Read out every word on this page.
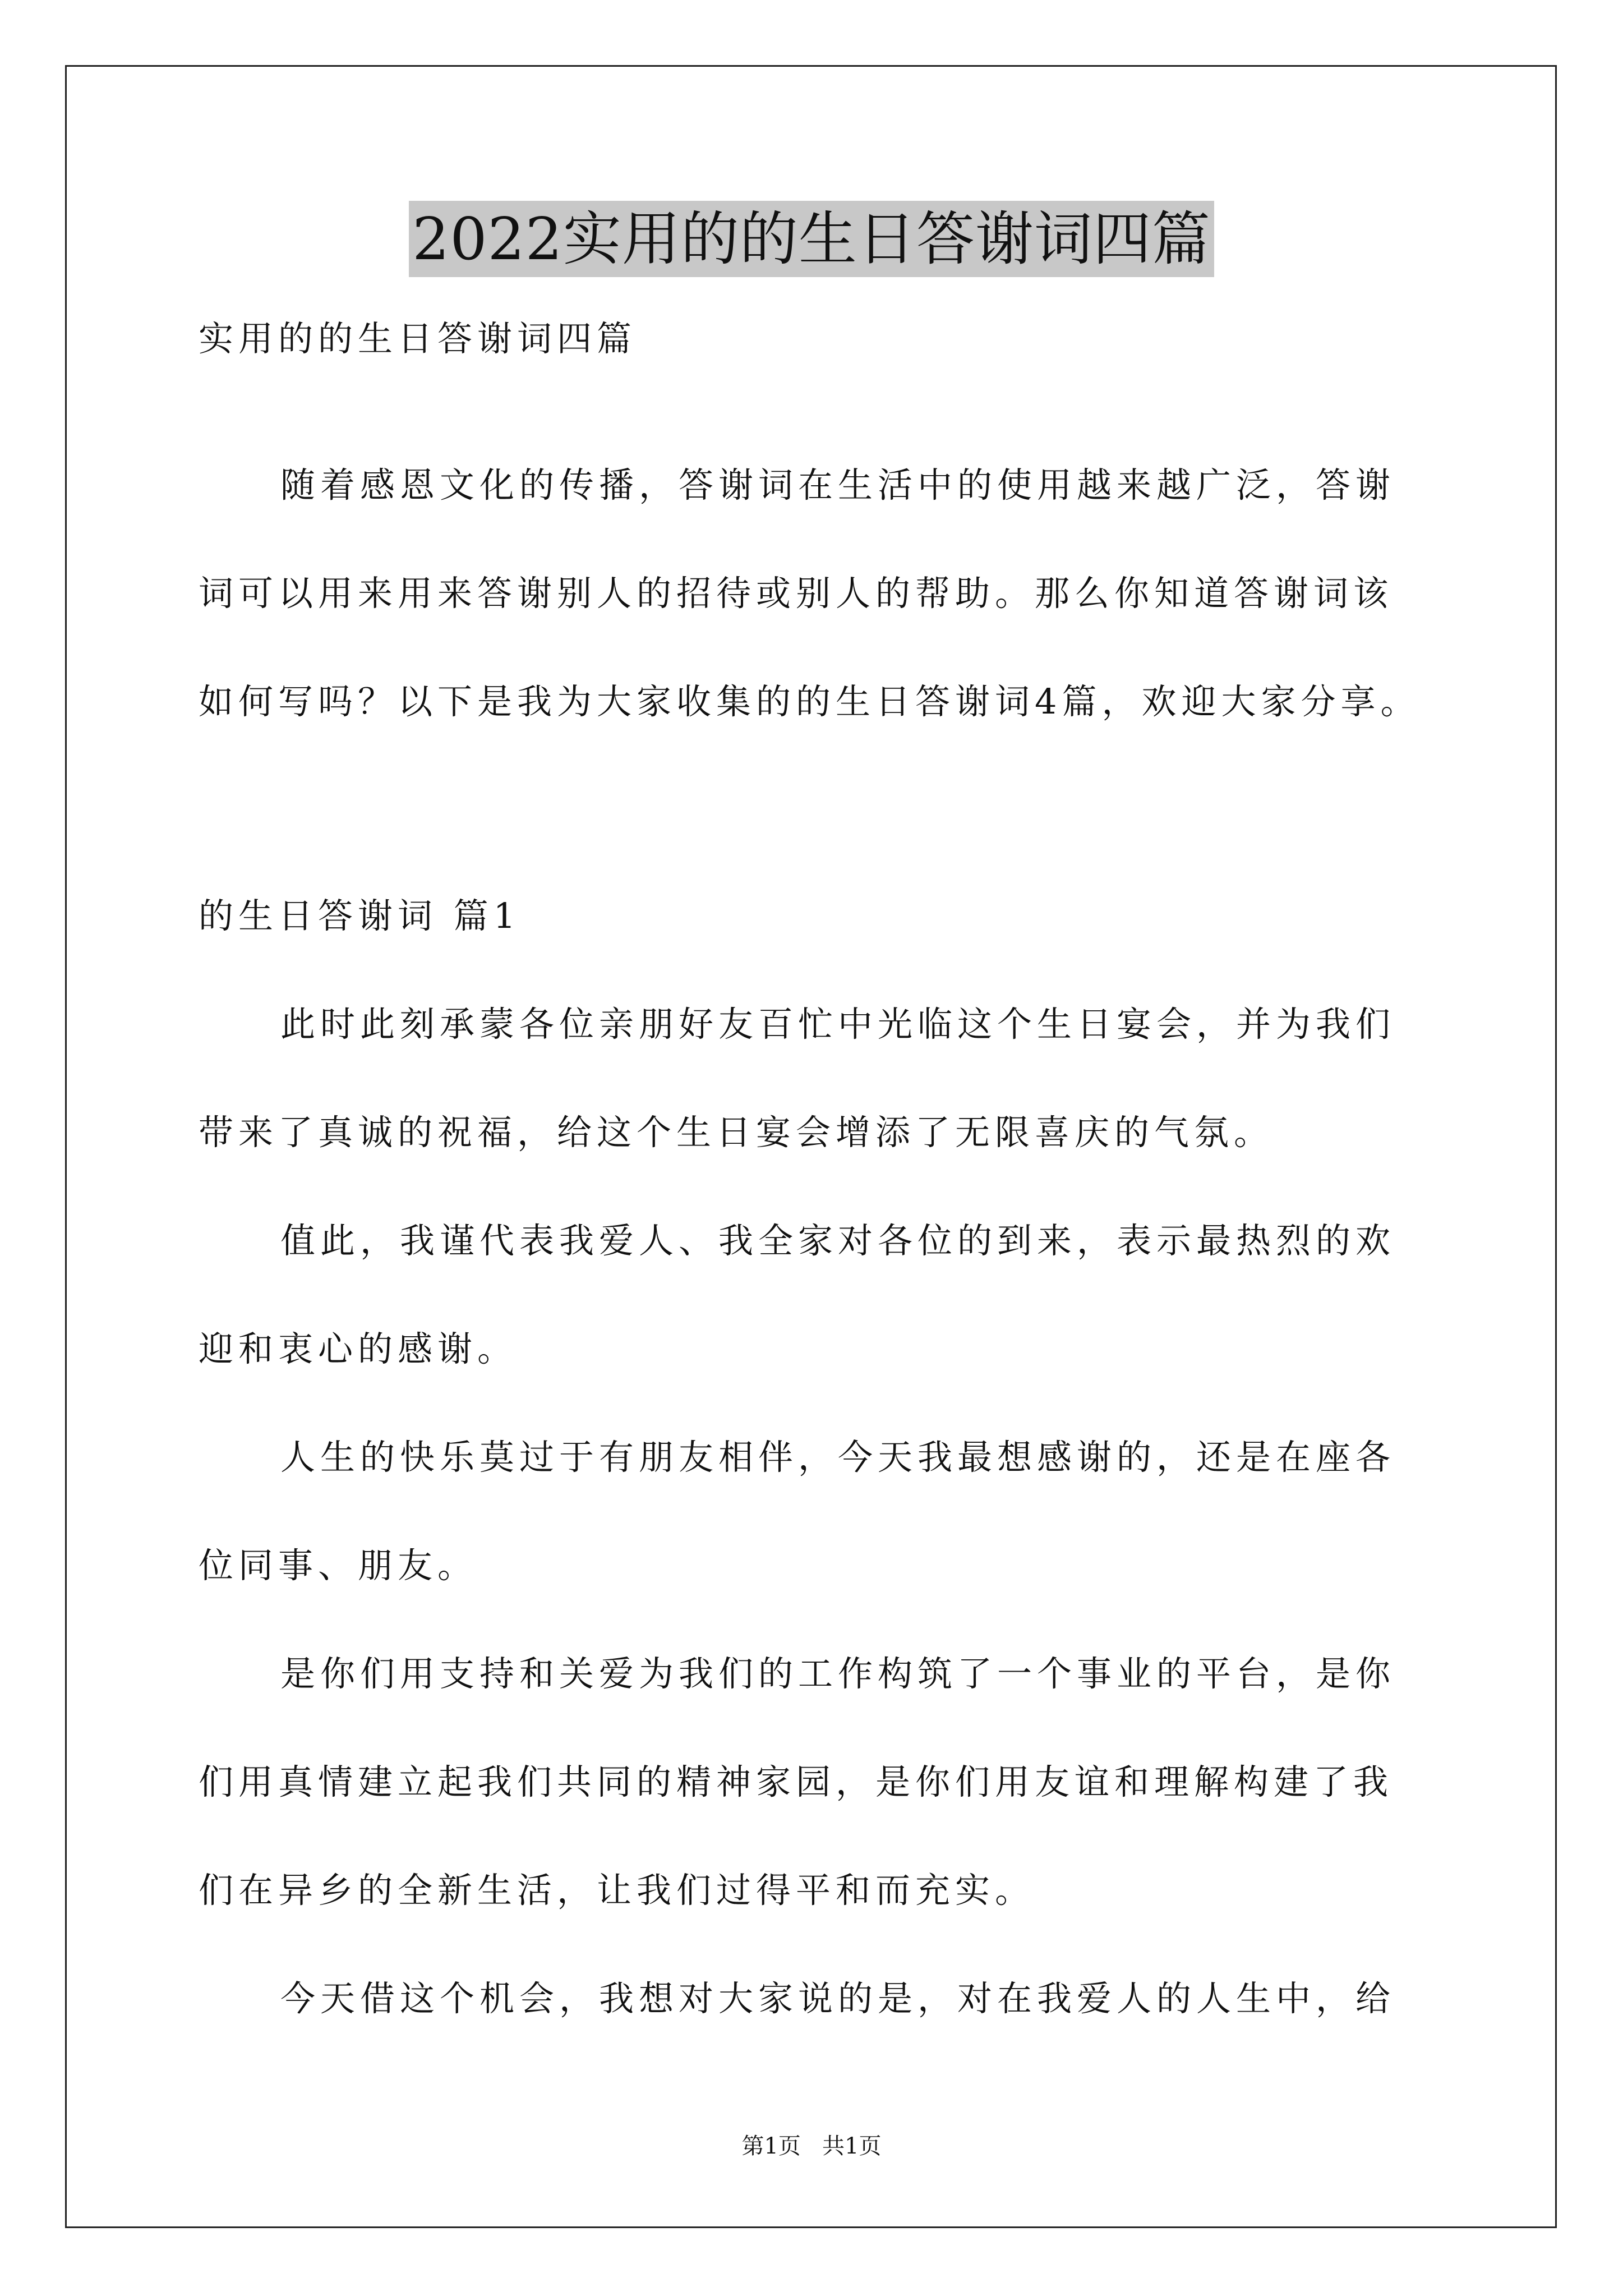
2022实用的的生日答谢词四篇
实用的的生日答谢词四篇
随着感恩文化的传播，答谢词在生活中的使用越来越广泛，答谢
词可以用来用来答谢别人的招待或别人的帮助。那么你知道答谢词该
如何写吗？以下是我为大家收集的的生日答谢词4篇，欢迎大家分享。
的生日答谢词 篇1
此时此刻承蒙各位亲朋好友百忙中光临这个生日宴会，并为我们
带来了真诚的祝福，给这个生日宴会增添了无限喜庆的气氛。
值此，我谨代表我爱人、我全家对各位的到来，表示最热烈的欢
迎和衷心的感谢。
人生的快乐莫过于有朋友相伴，今天我最想感谢的，还是在座各
位同事、朋友。
是你们用支持和关爱为我们的工作构筑了一个事业的平台，是你
们用真情建立起我们共同的精神家园，是你们用友谊和理解构建了我
们在异乡的全新生活，让我们过得平和而充实。
今天借这个机会，我想对大家说的是，对在我爱人的人生中，给
第1页   共1页
